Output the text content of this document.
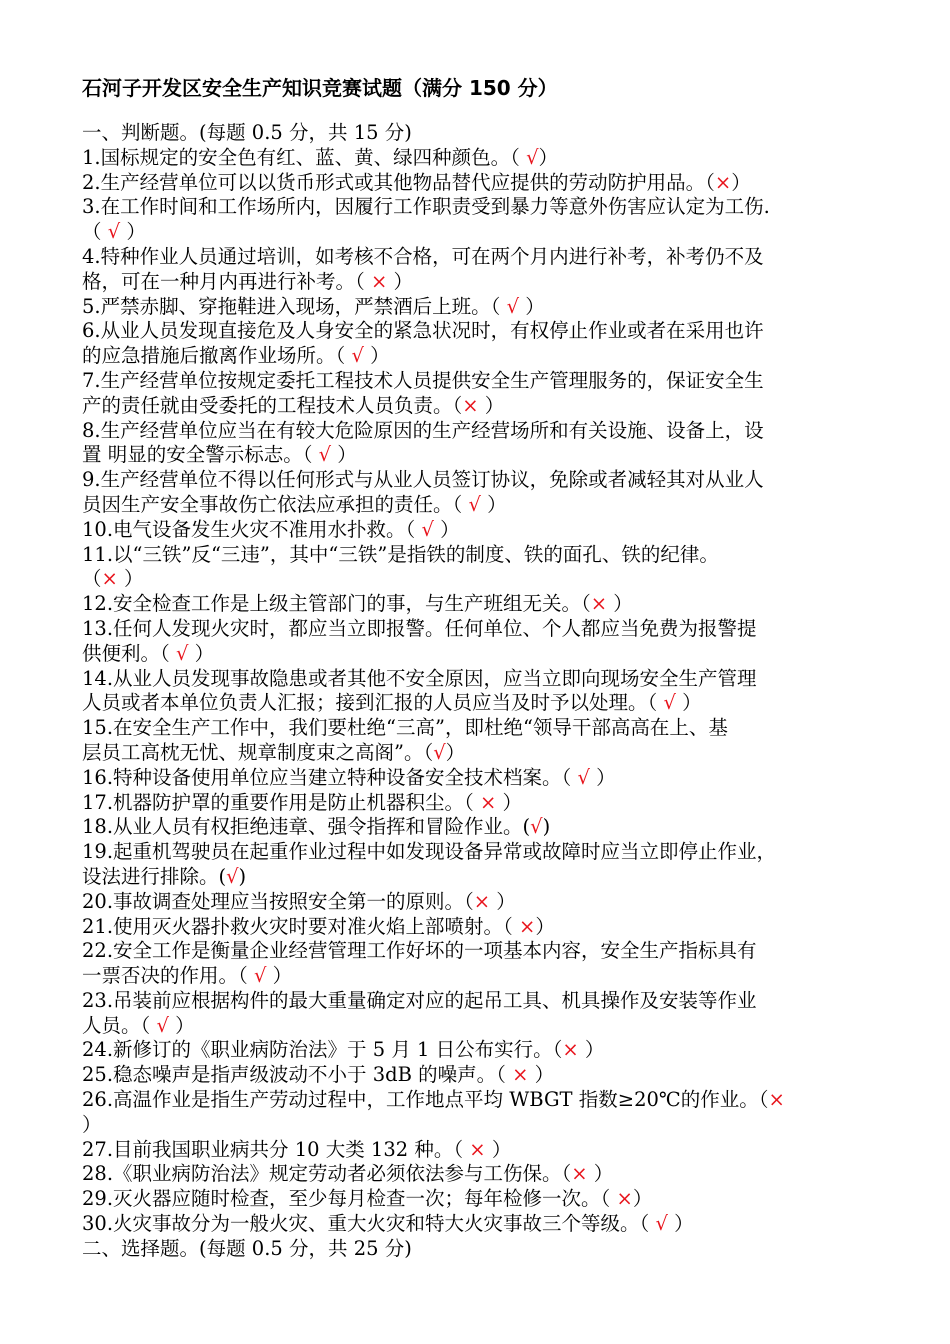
石河子开发区安全生产知识竞赛试题（满分 150 分）
一、判断题。(每题 0.5 分，共 15 分)
1.国标规定的安全色有红、蓝、黄、绿四种颜色。（ √）
2.生产经营单位可以以货币形式或其他物品替代应提供的劳动防护用品。（×）
3.在工作时间和工作场所内，因履行工作职责受到暴力等意外伤害应认定为工伤.
（ √ ）
4.特种作业人员通过培训，如考核不合格，可在两个月内进行补考，补考仍不及
格，可在一种月内再进行补考。（ × ）
5.严禁赤脚、穿拖鞋进入现场，严禁酒后上班。（ √ ）
6.从业人员发现直接危及人身安全的紧急状况时，有权停止作业或者在采用也许
的应急措施后撤离作业场所。（ √ ）
7.生产经营单位按规定委托工程技术人员提供安全生产管理服务的，保证安全生
产的责任就由受委托的工程技术人员负责。（× ）
8.生产经营单位应当在有较大危险原因的生产经营场所和有关设施、设备上，设
置 明显的安全警示标志。（ √ ）
9.生产经营单位不得以任何形式与从业人员签订协议，免除或者减轻其对从业人
员因生产安全事故伤亡依法应承担的责任。（ √ ）
10.电气设备发生火灾不准用水扑救。（ √ ）
11.以“三铁”反“三违”，其中“三铁”是指铁的制度、铁的面孔、铁的纪律。
（× ）
12.安全检查工作是上级主管部门的事，与生产班组无关。（× ）
13.任何人发现火灾时，都应当立即报警。任何单位、个人都应当免费为报警提
供便利。（ √ ）
14.从业人员发现事故隐患或者其他不安全原因，应当立即向现场安全生产管理
人员或者本单位负责人汇报；接到汇报的人员应当及时予以处理。（ √ ）
15.在安全生产工作中，我们要杜绝“三高”，即杜绝“领导干部高高在上、基
层员工高枕无忧、规章制度束之高阁”。（√）
16.特种设备使用单位应当建立特种设备安全技术档案。（ √ ）
17.机器防护罩的重要作用是防止机器积尘。（ × ）
18.从业人员有权拒绝违章、强令指挥和冒险作业。(√)
19.起重机驾驶员在起重作业过程中如发现设备异常或故障时应当立即停止作业，
设法进行排除。(√)
20.事故调查处理应当按照安全第一的原则。（× ）
21.使用灭火器扑救火灾时要对准火焰上部喷射。（ ×）
22.安全工作是衡量企业经营管理工作好坏的一项基本内容，安全生产指标具有
一票否决的作用。（ √ ）
23.吊装前应根据构件的最大重量确定对应的起吊工具、机具操作及安装等作业
人员。（ √ ）
24.新修订的《职业病防治法》于 5 月 1 日公布实行。（× ）
25.稳态噪声是指声级波动不小于 3dB 的噪声。（ × ）
26.高温作业是指生产劳动过程中，工作地点平均 WBGT 指数≥20℃的作业。（×
）
27.目前我国职业病共分 10 大类 132 种。（ × ）
28.《职业病防治法》规定劳动者必须依法参与工伤保。（× ）
29.灭火器应随时检查，至少每月检查一次；每年检修一次。（ ×）
30.火灾事故分为一般火灾、重大火灾和特大火灾事故三个等级。（ √ ）
二、选择题。(每题 0.5 分，共 25 分)
